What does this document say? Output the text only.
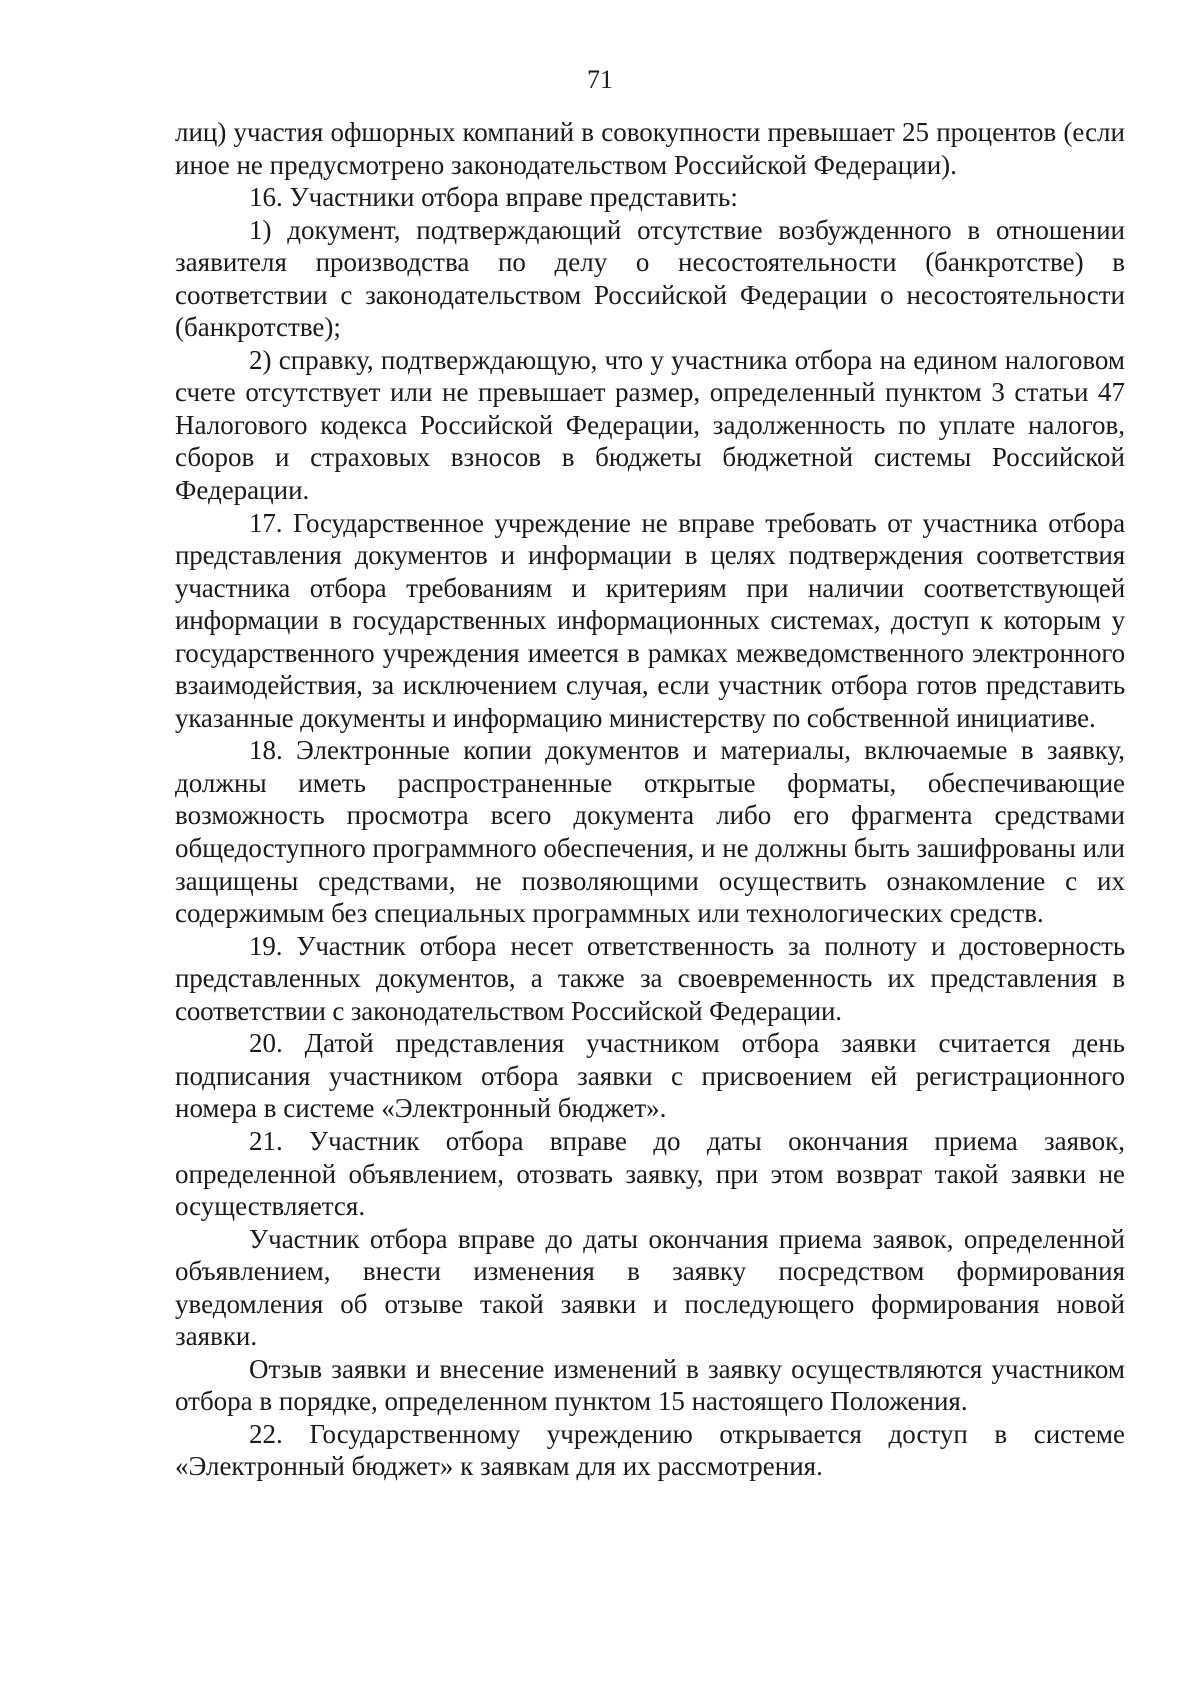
71

лиц) участия офшорных компаний в совокупности превышает 25 процентов (если иное не предусмотрено законодательством Российской Федерации).

16. Участники отбора вправе представить:

1) документ, подтверждающий отсутствие возбужденного в отношении заявителя производства по делу о несостоятельности (банкротстве) в соответствии с законодательством Российской Федерации о несостоятельности (банкротстве);

2) справку, подтверждающую, что у участника отбора на едином налоговом счете отсутствует или не превышает размер, определенный пунктом 3 статьи 47 Налогового кодекса Российской Федерации, задолженность по уплате налогов, сборов и страховых взносов в бюджеты бюджетной системы Российской Федерации.

17. Государственное учреждение не вправе требовать от участника отбора представления документов и информации в целях подтверждения соответствия участника отбора требованиям и критериям при наличии соответствующей информации в государственных информационных системах, доступ к которым у государственного учреждения имеется в рамках межведомственного электронного взаимодействия, за исключением случая, если участник отбора готов представить указанные документы и информацию министерству по собственной инициативе.

18. Электронные копии документов и материалы, включаемые в заявку, должны иметь распространенные открытые форматы, обеспечивающие возможность просмотра всего документа либо его фрагмента средствами общедоступного программного обеспечения, и не должны быть зашифрованы или защищены средствами, не позволяющими осуществить ознакомление с их содержимым без специальных программных или технологических средств.

19. Участник отбора несет ответственность за полноту и достоверность представленных документов, а также за своевременность их представления в соответствии с законодательством Российской Федерации.

20. Датой представления участником отбора заявки считается день подписания участником отбора заявки с присвоением ей регистрационного номера в системе «Электронный бюджет».

21. Участник отбора вправе до даты окончания приема заявок, определенной объявлением, отозвать заявку, при этом возврат такой заявки не осуществляется.

Участник отбора вправе до даты окончания приема заявок, определенной объявлением, внести изменения в заявку посредством формирования уведомления об отзыве такой заявки и последующего формирования новой заявки.

Отзыв заявки и внесение изменений в заявку осуществляются участником отбора в порядке, определенном пунктом 15 настоящего Положения.

22. Государственному учреждению открывается доступ в системе «Электронный бюджет» к заявкам для их рассмотрения.
